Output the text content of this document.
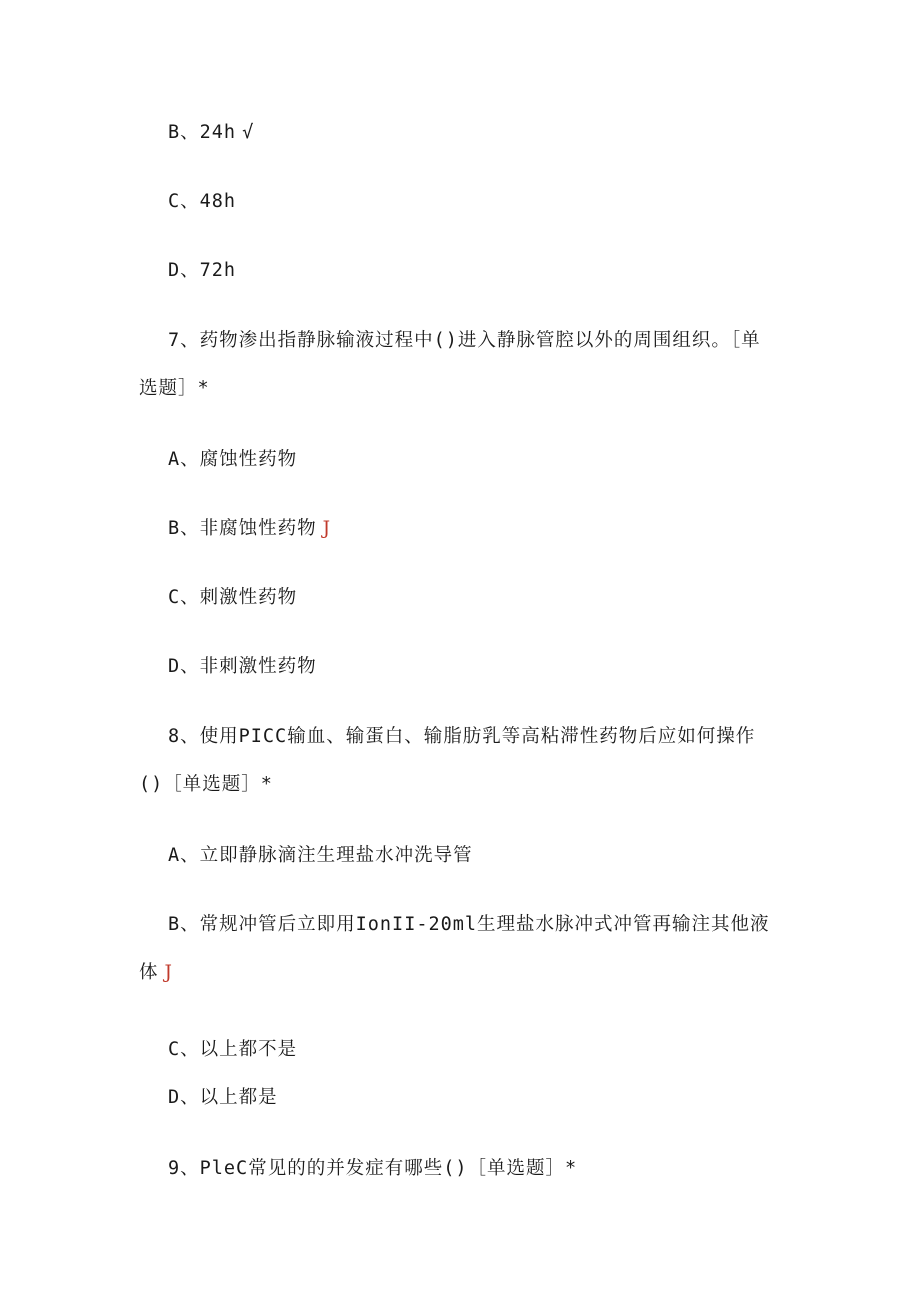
B、24h √
C、48h
D、72h
7、药物渗出指静脉输液过程中()进入静脉管腔以外的周围组织。［单
选题］*
A、腐蚀性药物
B、非腐蚀性药物 J
C、刺激性药物
D、非刺激性药物
8、使用PICC输血、输蛋白、输脂肪乳等高粘滞性药物后应如何操作
()［单选题］*
A、立即静脉滴注生理盐水冲洗导管
B、常规冲管后立即用IonII-20ml生理盐水脉冲式冲管再输注其他液
体 J
C、以上都不是
D、以上都是
9、PleC常见的的并发症有哪些()［单选题］*
